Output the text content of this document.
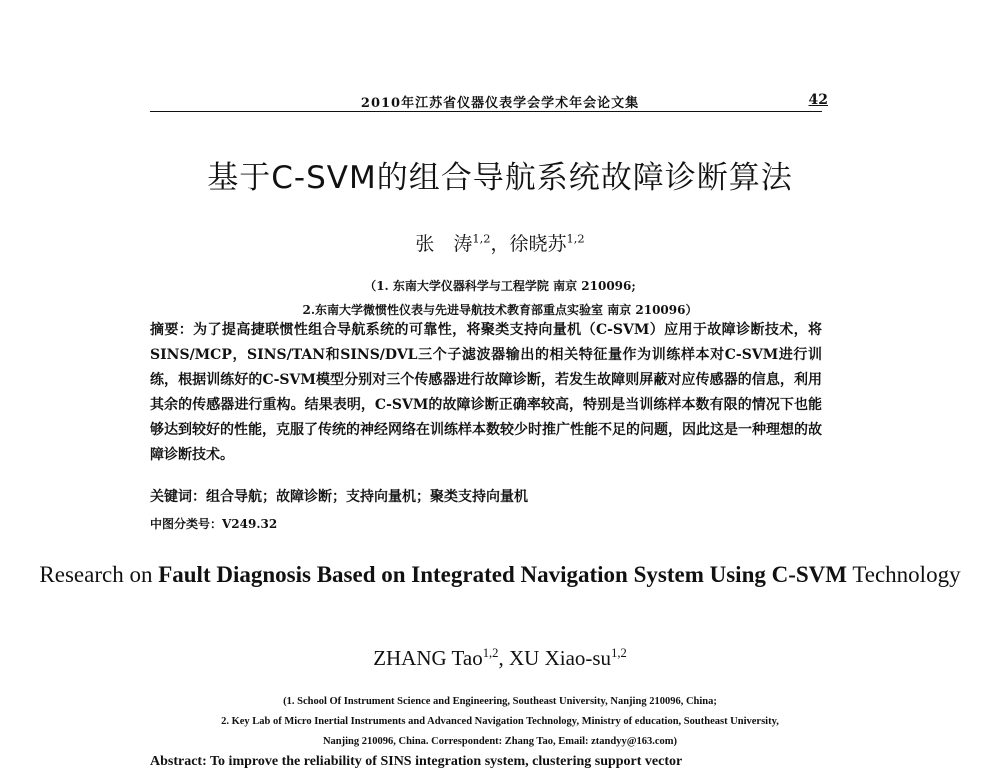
2010年江苏省仪器仪表学会学术年会论文集	42
基于C-SVM的组合导航系统故障诊断算法
张　涛$^{1,2}$，徐晓苏$^{1,2}$
（1. 东南大学仪器科学与工程学院 南京 210096;
2.东南大学微惯性仪表与先进导航技术教育部重点实验室 南京 210096）
摘要：为了提高捷联惯性组合导航系统的可靠性，将聚类支持向量机（C-SVM）应用于故障诊断技术，将SINS/MCP，SINS/TAN和SINS/DVL三个子滤波器输出的相关特征量作为训练样本对C-SVM进行训练，根据训练好的C-SVM模型分别对三个传感器进行故障诊断，若发生故障则屏蔽对应传感器的信息，利用其余的传感器进行重构。结果表明，C-SVM的故障诊断正确率较高，特别是当训练样本数有限的情况下也能够达到较好的性能，克服了传统的神经网络在训练样本数较少时推广性能不足的问题，因此这是一种理想的故障诊断技术。
关键词：组合导航；故障诊断；支持向量机；聚类支持向量机
中图分类号：V249.32
Research on Fault Diagnosis Based on Integrated Navigation System Using C-SVM Technology
ZHANG Tao$^{1,2}$, XU Xiao-su$^{1,2}$
(1. School Of Instrument Science and Engineering, Southeast University, Nanjing 210096, China;
2. Key Lab of Micro Inertial Instruments and Advanced Navigation Technology, Ministry of education, Southeast University,
Nanjing 210096, China. Correspondent: Zhang Tao, Email: ztandyy@163.com)
Abstract: To improve the reliability of SINS integration system, clustering support vector
